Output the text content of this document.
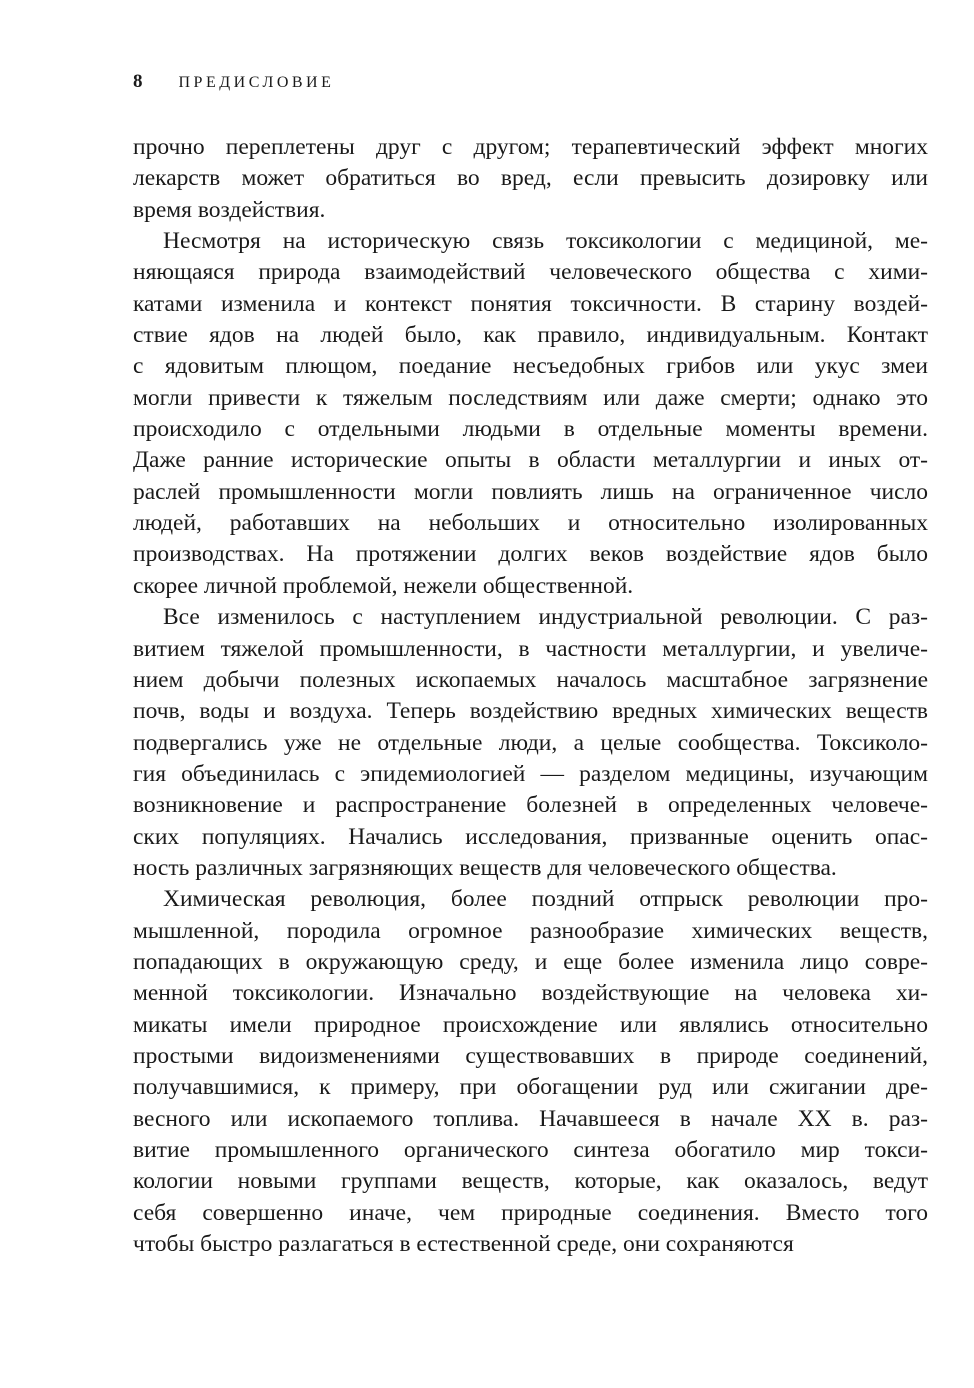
8 ПРЕДИСЛОВИЕ

прочно переплетены друг с другом; терапевтический эффект многих
лекарств может обратиться во вред, если превысить дозировку или
время воздействия.

Несмотря на историческую связь токсикологии с медициной, ме-
няющаяся природа взаимодействий человеческого общества с хими-
катами изменила и контекст понятия токсичности. В старину воздей-
ствие ядов на людей было, как правило, индивидуальным. Контакт
с ядовитым плющом, поедание несъедобных грибов или укус змеи
могли привести к тяжелым последствиям или даже смерти; однако это
происходило с отдельными людьми в отдельные моменты времени.
Даже ранние исторические опыты в области металлургии и иных от-
раслей промышленности могли повлиять лишь на ограниченное число
людей, работавших на небольших и относительно изолированных
производствах. На протяжении долгих веков воздействие ядов было
скорее личной проблемой, нежели общественной.

Все изменилось с наступлением индустриальной революции. С раз-
витием тяжелой промышленности, в частности металлургии, и увеличе-
нием добычи полезных ископаемых началось масштабное загрязнение
почв, воды и воздуха. Теперь воздействию вредных химических веществ
подвергались уже не отдельные люди, а целые сообщества. Токсиколо-
гия объединилась с эпидемиологией — разделом медицины, изучающим
возникновение и распространение болезней в определенных человече-
ских популяциях. Начались исследования, призванные оценить опас-
ность различных загрязняющих веществ для человеческого общества.

Химическая революция, более поздний отпрыск революции про-
мышленной, породила огромное разнообразие химических веществ,
попадающих в окружающую среду, и еще более изменила лицо совре-
менной токсикологии. Изначально воздействующие на человека хи-
микаты имели природное происхождение или являлись относительно
простыми видоизменениями существовавших в природе соединений,
получавшимися, к примеру, при обогащении руд или сжигании дре-
весного или ископаемого топлива. Начавшееся в начале XX в. раз-
витие промышленного органического синтеза обогатило мир токси-
кологии новыми группами веществ, которые, как оказалось, ведут
себя совершенно иначе, чем природные соединения. Вместо того
чтобы быстро разлагаться в естественной среде, они сохраняются
